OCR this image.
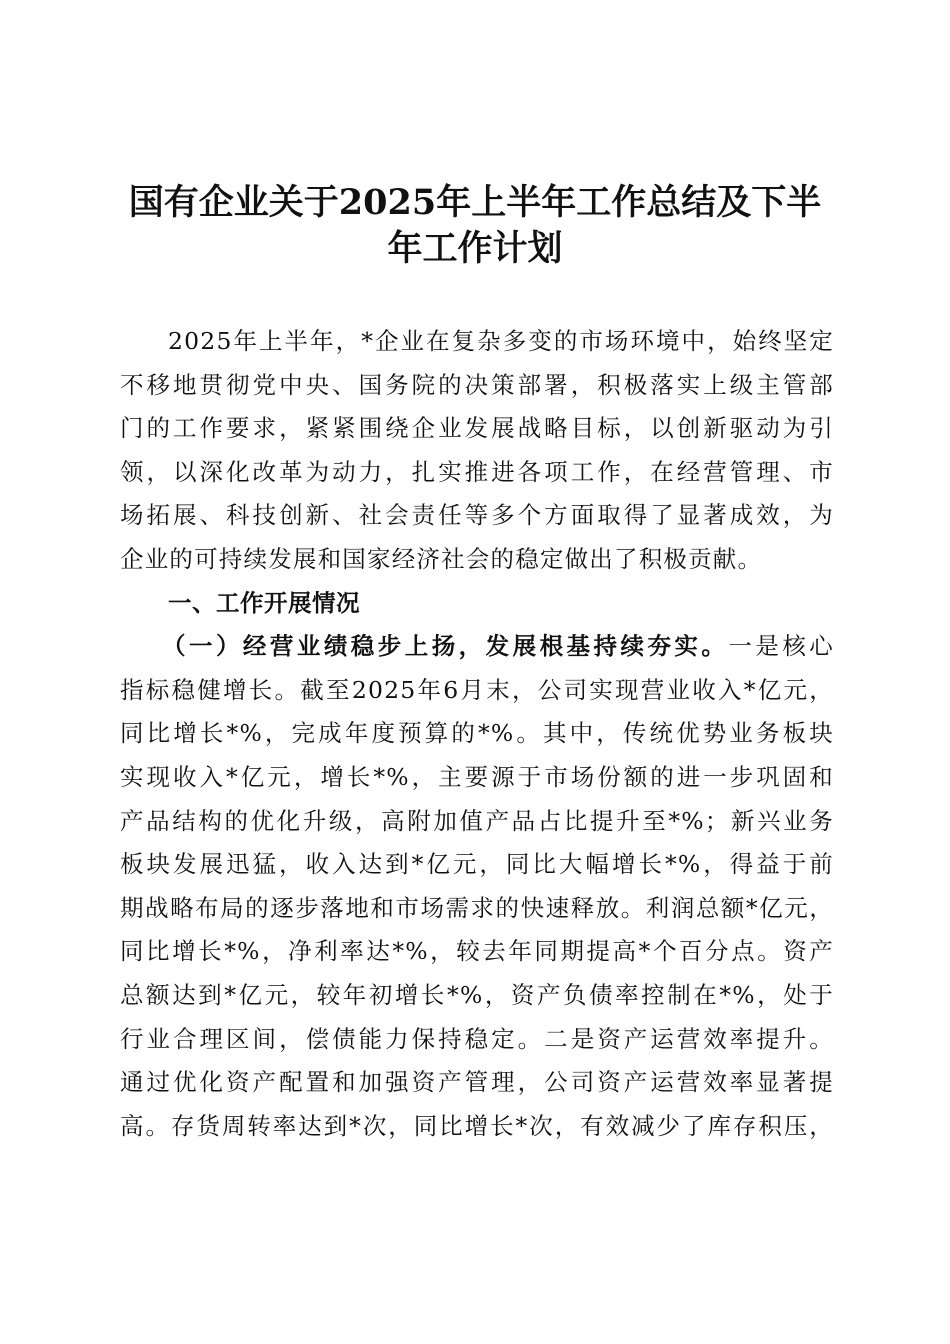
国有企业关于2025年上半年工作总结及下半
年工作计划
2025年上半年，*企业在复杂多变的市场环境中，始终坚定
不移地贯彻党中央、国务院的决策部署，积极落实上级主管部
门的工作要求，紧紧围绕企业发展战略目标，以创新驱动为引
领，以深化改革为动力，扎实推进各项工作，在经营管理、市
场拓展、科技创新、社会责任等多个方面取得了显著成效，为
企业的可持续发展和国家经济社会的稳定做出了积极贡献。
一、工作开展情况
（一）经营业绩稳步上扬，发展根基持续夯实。一是核心
指标稳健增长。截至2025年6月末，公司实现营业收入*亿元，
同比增长*%，完成年度预算的*%。其中，传统优势业务板块
实现收入*亿元，增长*%，主要源于市场份额的进一步巩固和
产品结构的优化升级，高附加值产品占比提升至*%；新兴业务
板块发展迅猛，收入达到*亿元，同比大幅增长*%，得益于前
期战略布局的逐步落地和市场需求的快速释放。利润总额*亿元，
同比增长*%，净利率达*%，较去年同期提高*个百分点。资产
总额达到*亿元，较年初增长*%，资产负债率控制在*%，处于
行业合理区间，偿债能力保持稳定。二是资产运营效率提升。
通过优化资产配置和加强资产管理，公司资产运营效率显著提
高。存货周转率达到*次，同比增长*次，有效减少了库存积压，
